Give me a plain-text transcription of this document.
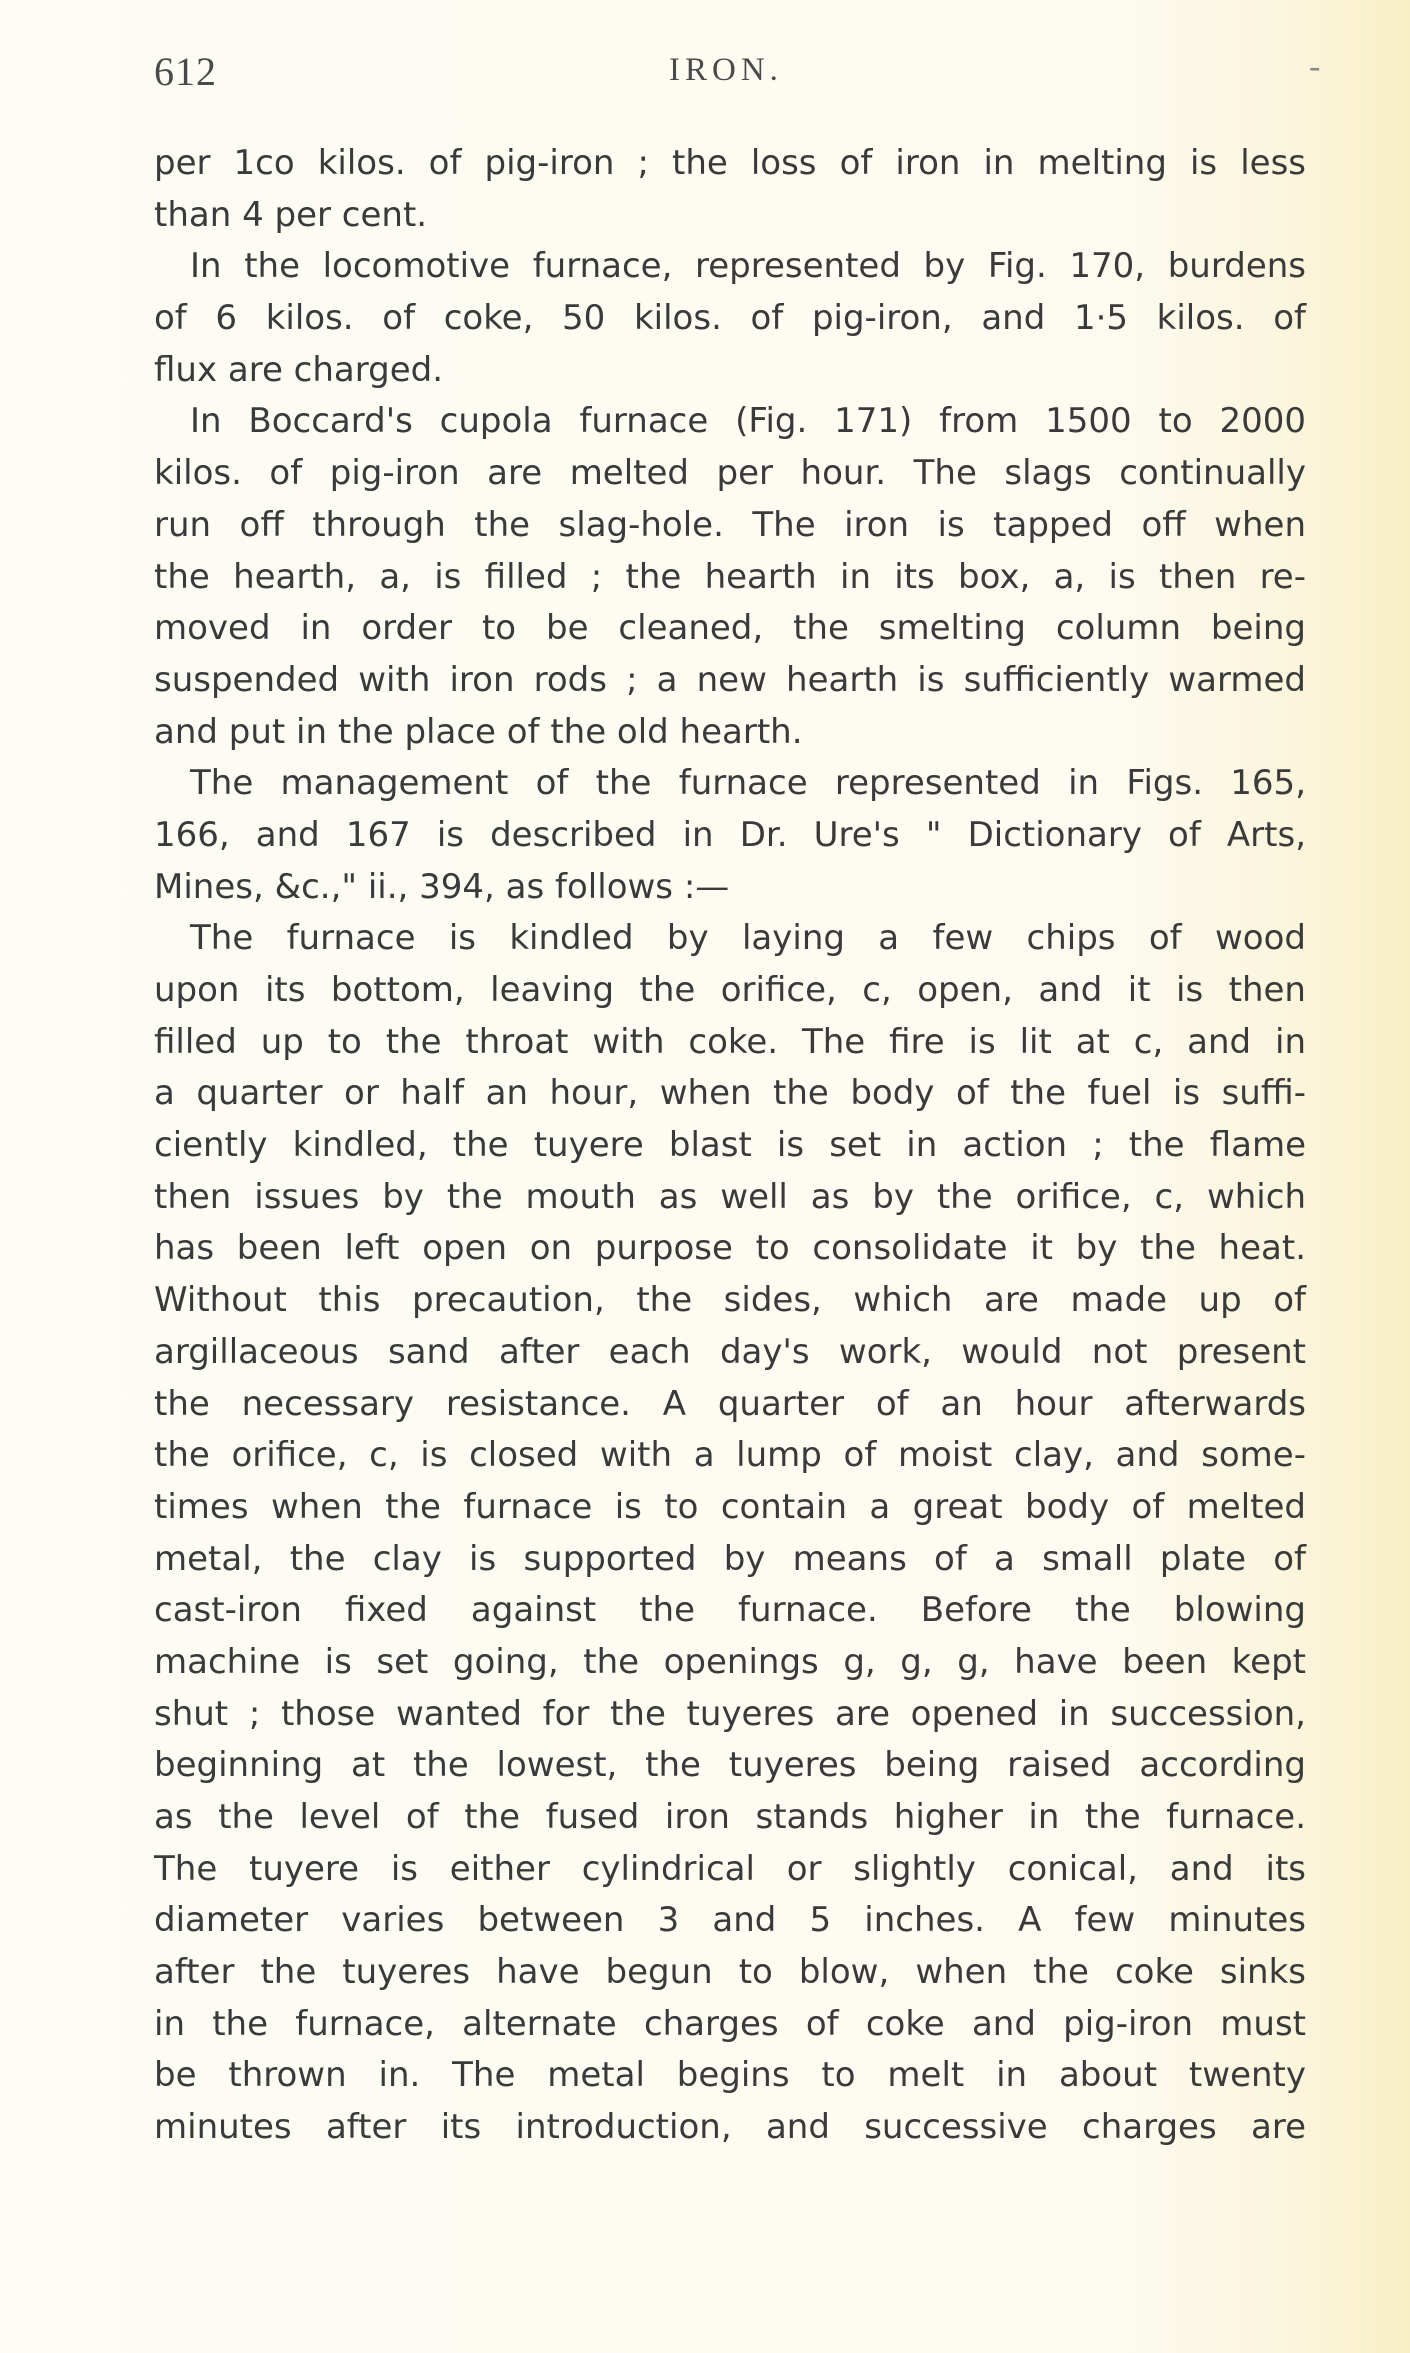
612	IRON.	-
per 1co kilos. of pig-iron ; the loss of iron in melting is less
than 4 per cent.
In the locomotive furnace, represented by Fig. 170, burdens
of 6 kilos. of coke, 50 kilos. of pig-iron, and 1·5 kilos. of
flux are charged.
In Boccard's cupola furnace (Fig. 171) from 1500 to 2000
kilos. of pig-iron are melted per hour. The slags continually
run off through the slag-hole. The iron is tapped off when
the hearth, a, is filled ; the hearth in its box, a, is then re-
moved in order to be cleaned, the smelting column being
suspended with iron rods ; a new hearth is sufficiently warmed
and put in the place of the old hearth.
The management of the furnace represented in Figs. 165,
166, and 167 is described in Dr. Ure's " Dictionary of Arts,
Mines, &c.," ii., 394, as follows :—
The furnace is kindled by laying a few chips of wood
upon its bottom, leaving the orifice, c, open, and it is then
filled up to the throat with coke. The fire is lit at c, and in
a quarter or half an hour, when the body of the fuel is suffi-
ciently kindled, the tuyere blast is set in action ; the flame
then issues by the mouth as well as by the orifice, c, which
has been left open on purpose to consolidate it by the heat.
Without this precaution, the sides, which are made up of
argillaceous sand after each day's work, would not present
the necessary resistance. A quarter of an hour afterwards
the orifice, c, is closed with a lump of moist clay, and some-
times when the furnace is to contain a great body of melted
metal, the clay is supported by means of a small plate of
cast-iron fixed against the furnace. Before the blowing
machine is set going, the openings g, g, g, have been kept
shut ; those wanted for the tuyeres are opened in succession,
beginning at the lowest, the tuyeres being raised according
as the level of the fused iron stands higher in the furnace.
The tuyere is either cylindrical or slightly conical, and its
diameter varies between 3 and 5 inches. A few minutes
after the tuyeres have begun to blow, when the coke sinks
in the furnace, alternate charges of coke and pig-iron must
be thrown in. The metal begins to melt in about twenty
minutes after its introduction, and successive charges are
